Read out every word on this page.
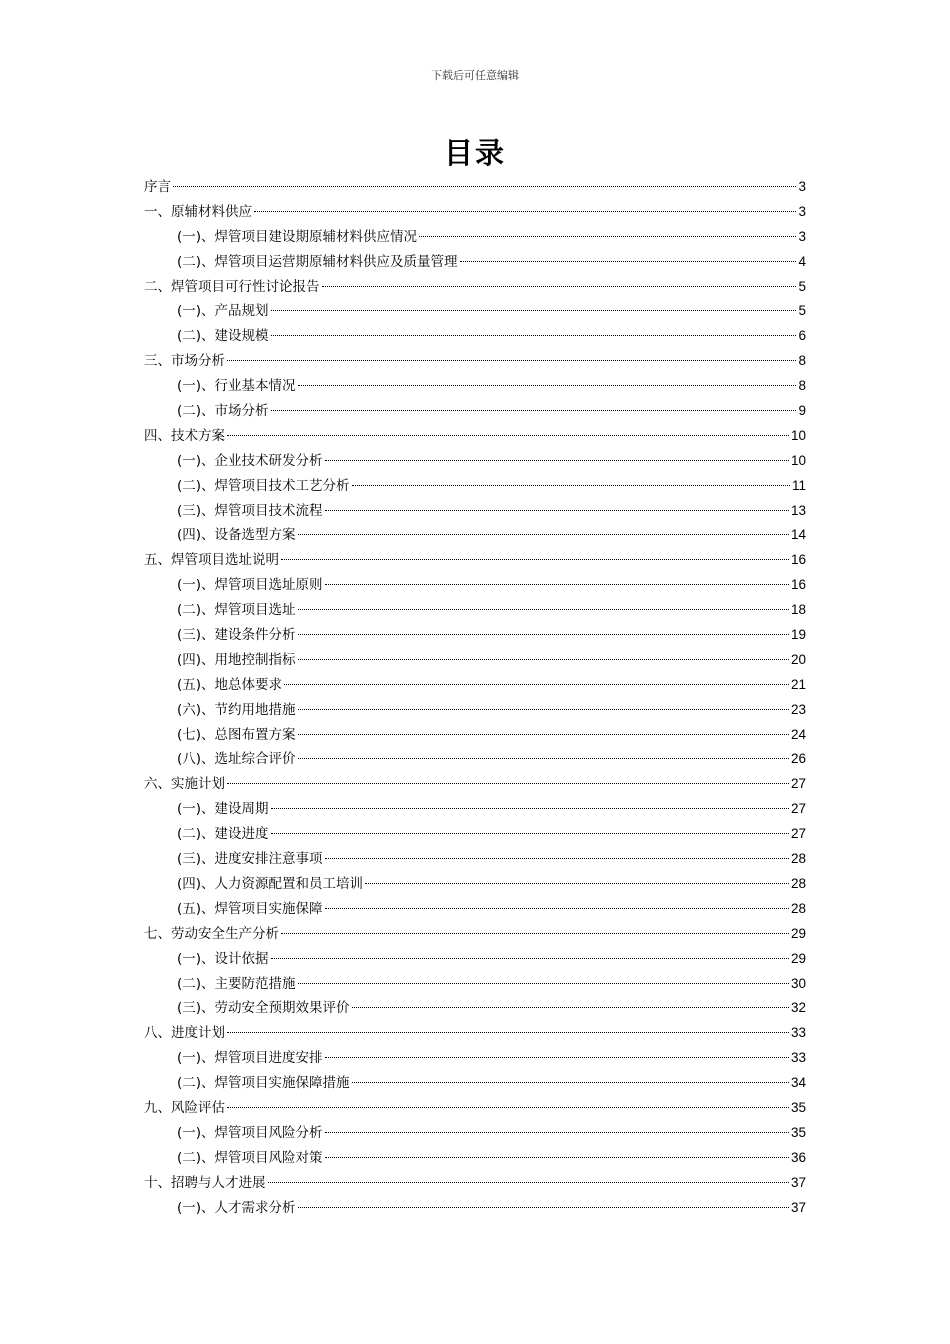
下载后可任意编辑
目录
序言	3
一、原辅材料供应	3
(一)、焊管项目建设期原辅材料供应情况	3
(二)、焊管项目运营期原辅材料供应及质量管理	4
二、焊管项目可行性讨论报告	5
(一)、产品规划	5
(二)、建设规模	6
三、市场分析	8
(一)、行业基本情况	8
(二)、市场分析	9
四、技术方案	10
(一)、企业技术研发分析	10
(二)、焊管项目技术工艺分析	11
(三)、焊管项目技术流程	13
(四)、设备选型方案	14
五、焊管项目选址说明	16
(一)、焊管项目选址原则	16
(二)、焊管项目选址	18
(三)、建设条件分析	19
(四)、用地控制指标	20
(五)、地总体要求	21
(六)、节约用地措施	23
(七)、总图布置方案	24
(八)、选址综合评价	26
六、实施计划	27
(一)、建设周期	27
(二)、建设进度	27
(三)、进度安排注意事项	28
(四)、人力资源配置和员工培训	28
(五)、焊管项目实施保障	28
七、劳动安全生产分析	29
(一)、设计依据	29
(二)、主要防范措施	30
(三)、劳动安全预期效果评价	32
八、进度计划	33
(一)、焊管项目进度安排	33
(二)、焊管项目实施保障措施	34
九、风险评估	35
(一)、焊管项目风险分析	35
(二)、焊管项目风险对策	36
十、招聘与人才进展	37
(一)、人才需求分析	37
